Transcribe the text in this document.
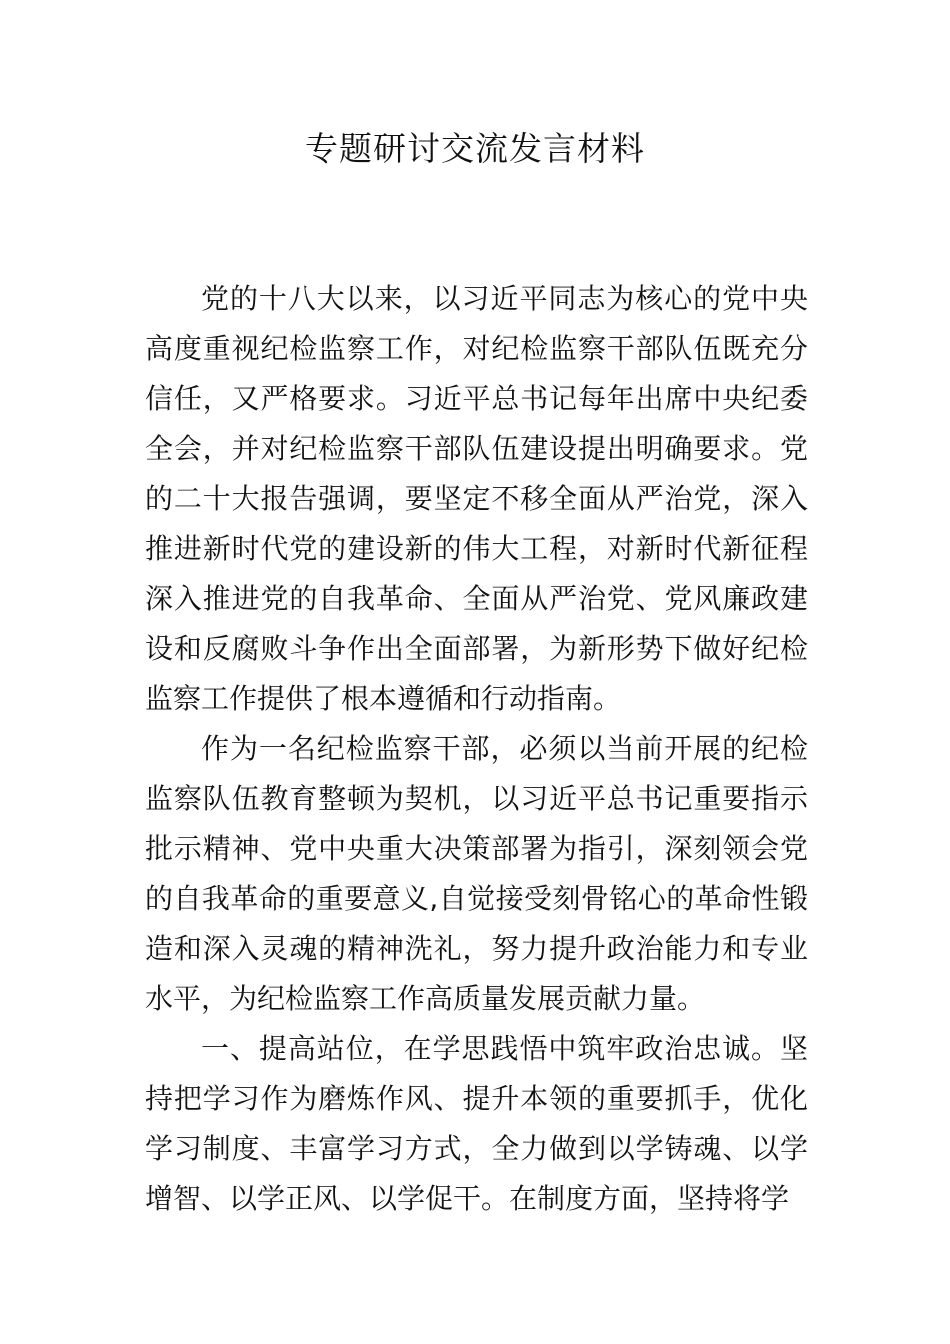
专题研讨交流发言材料

党的十八大以来，以习近平同志为核心的党中央高度重视纪检监察工作，对纪检监察干部队伍既充分信任，又严格要求。习近平总书记每年出席中央纪委全会，并对纪检监察干部队伍建设提出明确要求。党的二十大报告强调，要坚定不移全面从严治党，深入推进新时代党的建设新的伟大工程，对新时代新征程深入推进党的自我革命、全面从严治党、党风廉政建设和反腐败斗争作出全面部署，为新形势下做好纪检监察工作提供了根本遵循和行动指南。

作为一名纪检监察干部，必须以当前开展的纪检监察队伍教育整顿为契机，以习近平总书记重要指示批示精神、党中央重大决策部署为指引，深刻领会党的自我革命的重要意义,自觉接受刻骨铭心的革命性锻造和深入灵魂的精神洗礼，努力提升政治能力和专业水平，为纪检监察工作高质量发展贡献力量。

一、提高站位，在学思践悟中筑牢政治忠诚。坚持把学习作为磨炼作风、提升本领的重要抓手，优化学习制度、丰富学习方式，全力做到以学铸魂、以学增智、以学正风、以学促干。在制度方面，坚持将学
